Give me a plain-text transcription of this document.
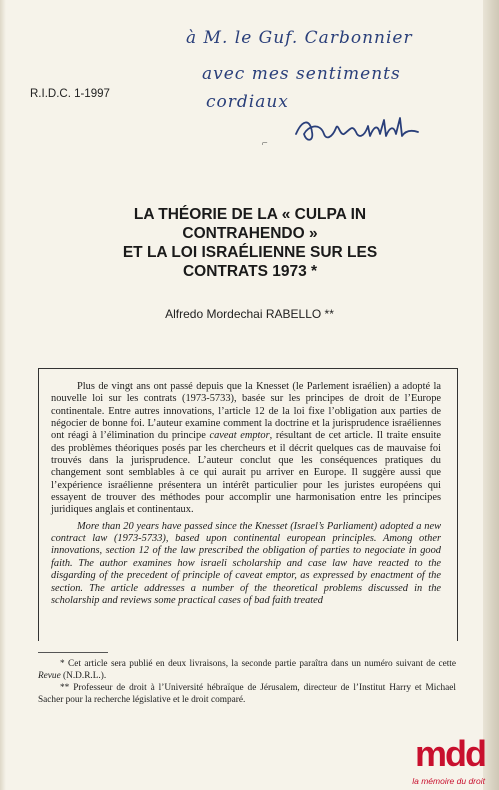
à M. le Guf. Carbonnier
avec mes sentiments
cordiaux
⌐
R.I.D.C. 1-1997
LA THÉORIE DE LA « CULPA IN
CONTRAHENDO »
ET LA LOI ISRAÉLIENNE SUR LES
CONTRATS 1973 *
Alfredo Mordechai RABELLO **

Plus de vingt ans ont passé depuis que la Knesset (le Parlement israélien) a adopté la nouvelle loi sur les contrats (1973-5733), basée sur les principes de droit de l’Europe continentale. Entre autres innovations, l’article 12 de la loi fixe l’obligation aux parties de négocier de bonne foi. L’auteur examine comment la doctrine et la jurisprudence israéliennes ont réagi à l’élimination du principe caveat emptor, résultant de cet article. Il traite ensuite des problèmes théoriques posés par les chercheurs et il décrit quelques cas de mauvaise foi trouvés dans la jurisprudence. L’auteur conclut que les conséquences pratiques du changement sont semblables à ce qui aurait pu arriver en Europe. Il suggère aussi que l’expérience israélienne présentera un intérêt particulier pour les juristes européens qui essayent de trouver des méthodes pour accomplir une harmonisation entre les principes juridiques anglais et continentaux.

More than 20 years have passed since the Knesset (Israel’s Parliament) adopted a new contract law (1973-5733), based upon continental european principles. Among other innovations, section 12 of the law prescribed the obligation of parties to negociate in good faith. The author examines how israeli scholarship and case law have reacted to the disgarding of the precedent of principle of caveat emptor, as expressed by enactment of the section. The article addresses a number of the theoretical problems discussed in the scholarship and reviews some practical cases of bad faith treated

* Cet article sera publié en deux livraisons, la seconde partie paraîtra dans un numéro suivant de cette Revue (N.D.R.L.).

** Professeur de droit à l’Université hébraïque de Jérusalem, directeur de l’Institut Harry et Michael Sacher pour la recherche législative et le droit comparé.

mdd
la mémoire du droit
